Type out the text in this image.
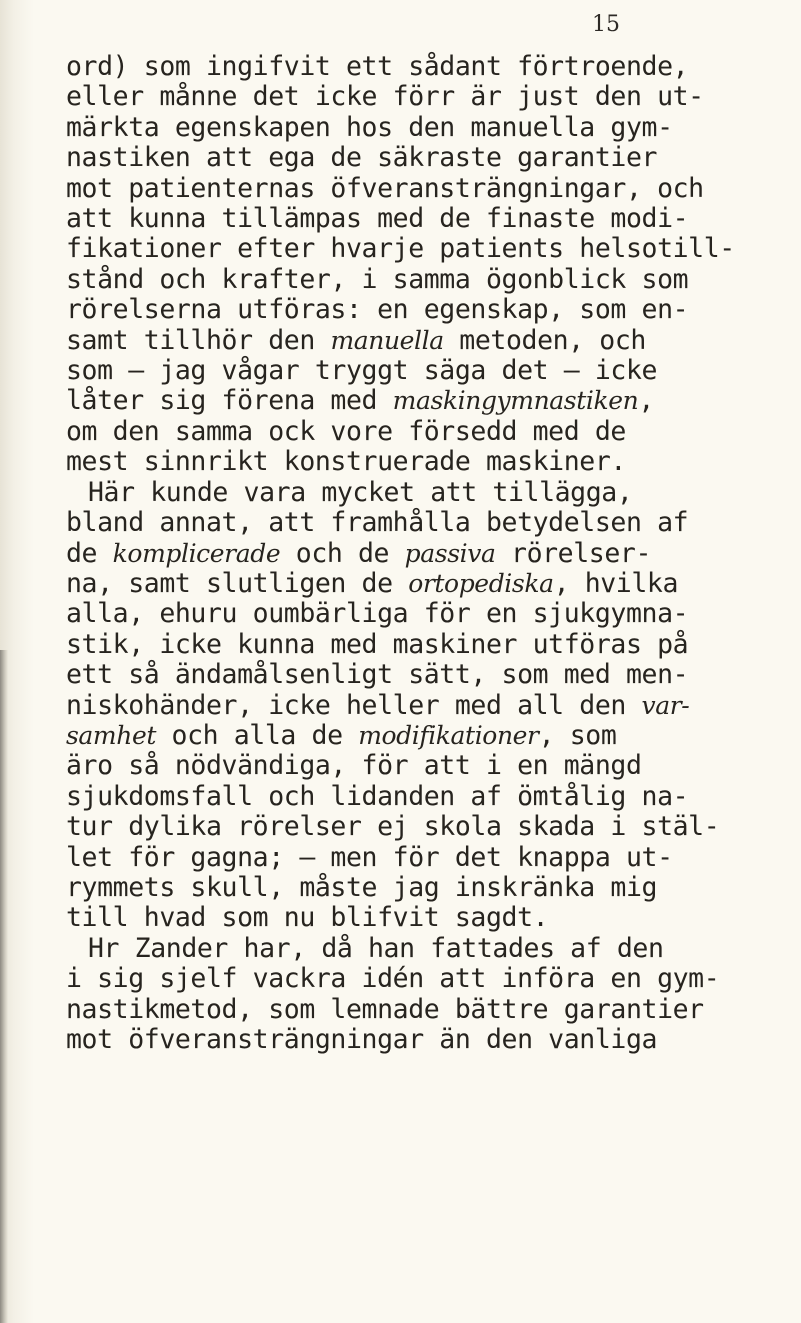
15
ord) som ingifvit ett sådant förtroende,
eller månne det icke förr är just den ut-
märkta egenskapen hos den manuella gym-
nastiken att ega de säkraste garantier
mot patienternas öfveransträngningar, och
att kunna tillämpas med de finaste modi-
fikationer efter hvarje patients helsotill-
stånd och krafter, i samma ögonblick som
rörelserna utföras: en egenskap, som en-
samt tillhör den manuella metoden, och
som — jag vågar tryggt säga det — icke
låter sig förena med maskingymnastiken,
om den samma ock vore försedd med de
mest sinnrikt konstruerade maskiner.
Här kunde vara mycket att tillägga,
bland annat, att framhålla betydelsen af
de komplicerade och de passiva rörelser-
na, samt slutligen de ortopediska, hvilka
alla, ehuru oumbärliga för en sjukgymna-
stik, icke kunna med maskiner utföras på
ett så ändamålsenligt sätt, som med men-
niskohänder, icke heller med all den var-
samhet och alla de modifikationer, som
äro så nödvändiga, för att i en mängd
sjukdomsfall och lidanden af ömtålig na-
tur dylika rörelser ej skola skada i stäl-
let för gagna; — men för det knappa ut-
rymmets skull, måste jag inskränka mig
till hvad som nu blifvit sagdt.
Hr Zander har, då han fattades af den
i sig sjelf vackra idén att införa en gym-
nastikmetod, som lemnade bättre garantier
mot öfveransträngningar än den vanliga
